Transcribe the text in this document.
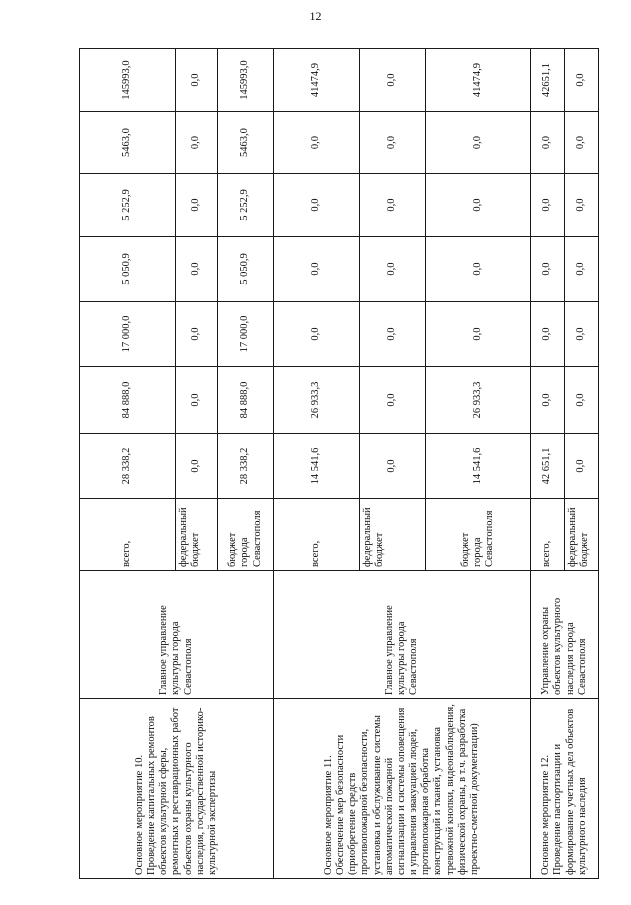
12
Основное мероприятие 10. Проведение капитальных ремонтов объектов культурной сферы, ремонтных и реставрационных работ объектов охраны культурного наследия, государственной историко-культурной экспертизы	Главное управление культуры города Севастополя	всего,	28 338,2	84 888,0	17 000,0	5 050,9	5 252,9	5463,0	145993,0
		федеральный бюджет	0,0	0,0	0,0	0,0	0,0	0,0	0,0
		бюджет города Севастополя	28 338,2	84 888,0	17 000,0	5 050,9	5 252,9	5463,0	145993,0
Основное мероприятие 11. Обеспечение мер безопасности (приобретение средств противопожарной безопасности, установка и обслуживание системы автоматической пожарной сигнализации и системы оповещения и управления эвакуацией людей, противопожарная обработка конструкций и тканей, установка тревожной кнопки, видеонаблюдения, физической охраны, в т.ч. разработка проектно-сметной документации)	Главное управление культуры города Севастополя	всего,	14 541,6	26 933,3	0,0	0,0	0,0	0,0	41474,9
		федеральный бюджет	0,0	0,0	0,0	0,0	0,0	0,0	0,0
		бюджет города Севастополя	14 541,6	26 933,3	0,0	0,0	0,0	0,0	41474,9
Основное мероприятие 12. Проведение паспортизации и формирование учетных дел объектов культурного наследия	Управление охраны объектов культурного наследия города Севастополя	всего,	42 651,1	0,0	0,0	0,0	0,0	0,0	42651,1
		федеральный бюджет	0,0	0,0	0,0	0,0	0,0	0,0	0,0
